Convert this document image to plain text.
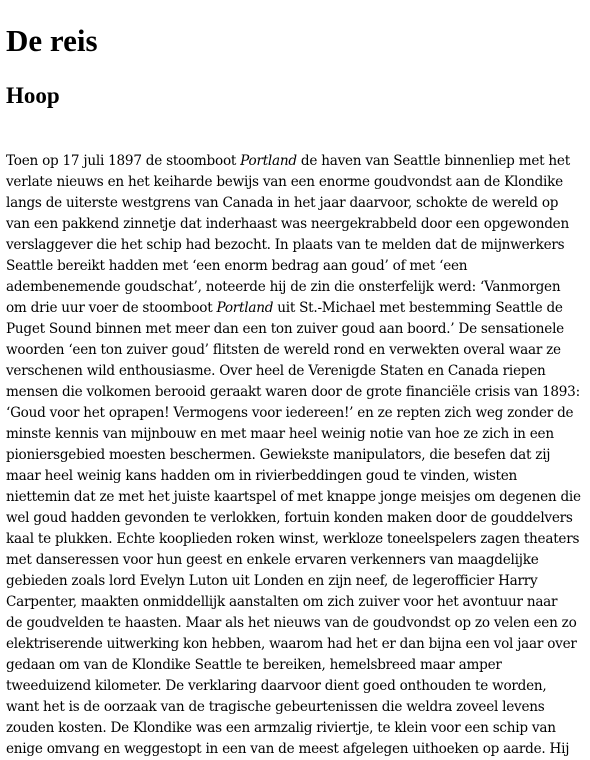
De reis
Hoop
Toen op 17 juli 1897 de stoomboot Portland de haven van Seattle binnenliep met het
verlate nieuws en het keiharde bewijs van een enorme goudvondst aan de Klondike
langs de uiterste westgrens van Canada in het jaar daarvoor, schokte de wereld op
van een pakkend zinnetje dat inderhaast was neergekrabbeld door een opgewonden
verslaggever die het schip had bezocht. In plaats van te melden dat de mijnwerkers
Seattle bereikt hadden met ‘een enorm bedrag aan goud’ of met ‘een
adembenemende goudschat’, noteerde hij de zin die onsterfelijk werd: ‘Vanmorgen
om drie uur voer de stoomboot Portland uit St.-Michael met bestemming Seattle de
Puget Sound binnen met meer dan een ton zuiver goud aan boord.’ De sensationele
woorden ‘een ton zuiver goud’ flitsten de wereld rond en verwekten overal waar ze
verschenen wild enthousiasme. Over heel de Verenigde Staten en Canada riepen
mensen die volkomen berooid geraakt waren door de grote financiële crisis van 1893:
‘Goud voor het oprapen! Vermogens voor iedereen!’ en ze repten zich weg zonder de
minste kennis van mijnbouw en met maar heel weinig notie van hoe ze zich in een
pioniersgebied moesten beschermen. Gewiekste manipulators, die besefen dat zij
maar heel weinig kans hadden om in rivierbeddingen goud te vinden, wisten
niettemin dat ze met het juiste kaartspel of met knappe jonge meisjes om degenen die
wel goud hadden gevonden te verlokken, fortuin konden maken door de gouddelvers
kaal te plukken. Echte kooplieden roken winst, werkloze toneelspelers zagen theaters
met danseressen voor hun geest en enkele ervaren verkenners van maagdelijke
gebieden zoals lord Evelyn Luton uit Londen en zijn neef, de legerofficier Harry
Carpenter, maakten onmiddellijk aanstalten om zich zuiver voor het avontuur naar
de goudvelden te haasten. Maar als het nieuws van de goudvondst op zo velen een zo
elektriserende uitwerking kon hebben, waarom had het er dan bijna een vol jaar over
gedaan om van de Klondike Seattle te bereiken, hemelsbreed maar amper
tweeduizend kilometer. De verklaring daarvoor dient goed onthouden te worden,
want het is de oorzaak van de tragische gebeurtenissen die weldra zoveel levens
zouden kosten. De Klondike was een armzalig riviertje, te klein voor een schip van
enige omvang en weggestopt in een van de meest afgelegen uithoeken op aarde. Hij
